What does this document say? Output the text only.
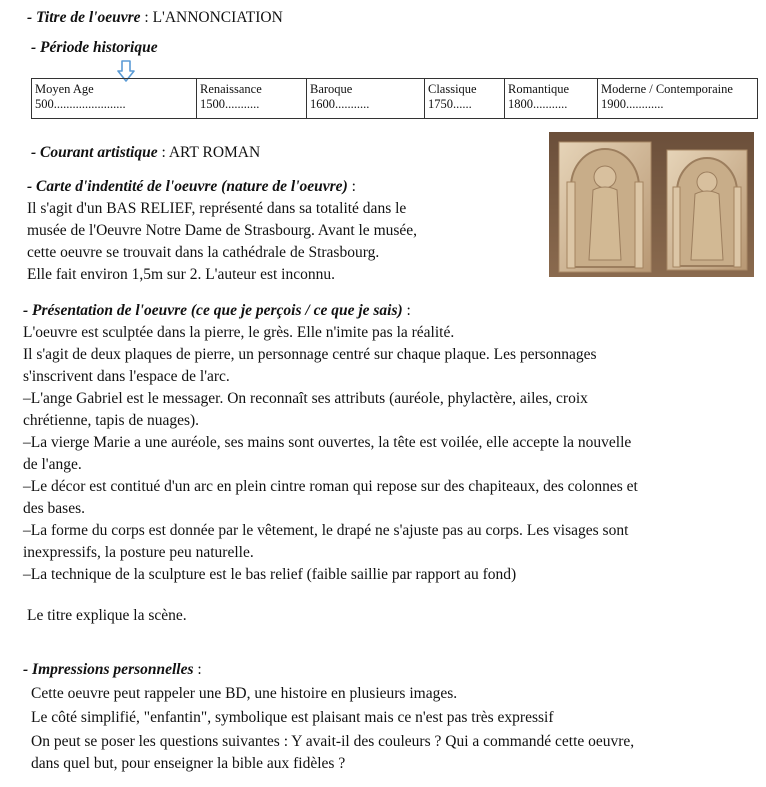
- Titre de l'oeuvre : L'ANNONCIATION
- Période historique
Moyen Age
500.......................
Renaissance
1500...........
Baroque
1600...........
Classique
1750......
Romantique
1800...........
Moderne / Contemporaine
1900............
- Courant artistique : ART ROMAN
- Carte d'indentité de l'oeuvre (nature de l'oeuvre) :
Il s'agit d'un BAS RELIEF, représenté dans sa totalité dans le
musée de l'Oeuvre Notre Dame de Strasbourg. Avant le musée,
cette oeuvre se trouvait dans la cathédrale de Strasbourg.
Elle fait environ 1,5m sur 2. L'auteur est inconnu.
- Présentation de l'oeuvre (ce que je perçois / ce que je sais) :
L'oeuvre est sculptée dans la pierre, le grès. Elle n'imite pas la réalité.
Il s'agit de deux plaques de pierre, un personnage centré sur chaque plaque. Les personnages
s'inscrivent dans l'espace de l'arc.
–L'ange Gabriel est le messager. On reconnaît ses attributs (auréole, phylactère, ailes, croix
chrétienne, tapis de nuages).
–La vierge Marie a une auréole, ses mains sont ouvertes, la tête est voilée, elle accepte la nouvelle
de l'ange.
–Le décor est contitué d'un arc en plein cintre roman qui repose sur des chapiteaux, des colonnes et
des bases.
–La forme du corps est donnée par le vêtement, le drapé ne s'ajuste pas au corps. Les visages sont
inexpressifs, la posture peu naturelle.
–La technique de la sculpture est le bas relief (faible saillie par rapport au fond)
Le titre explique la scène.
- Impressions personnelles :
Cette oeuvre peut rappeler une BD, une histoire en plusieurs images.
Le côté simplifié, "enfantin", symbolique est plaisant mais ce n'est pas très expressif
On peut se poser les questions suivantes : Y avait-il des couleurs ? Qui a commandé cette oeuvre,
dans quel but, pour enseigner la bible aux fidèles ?
